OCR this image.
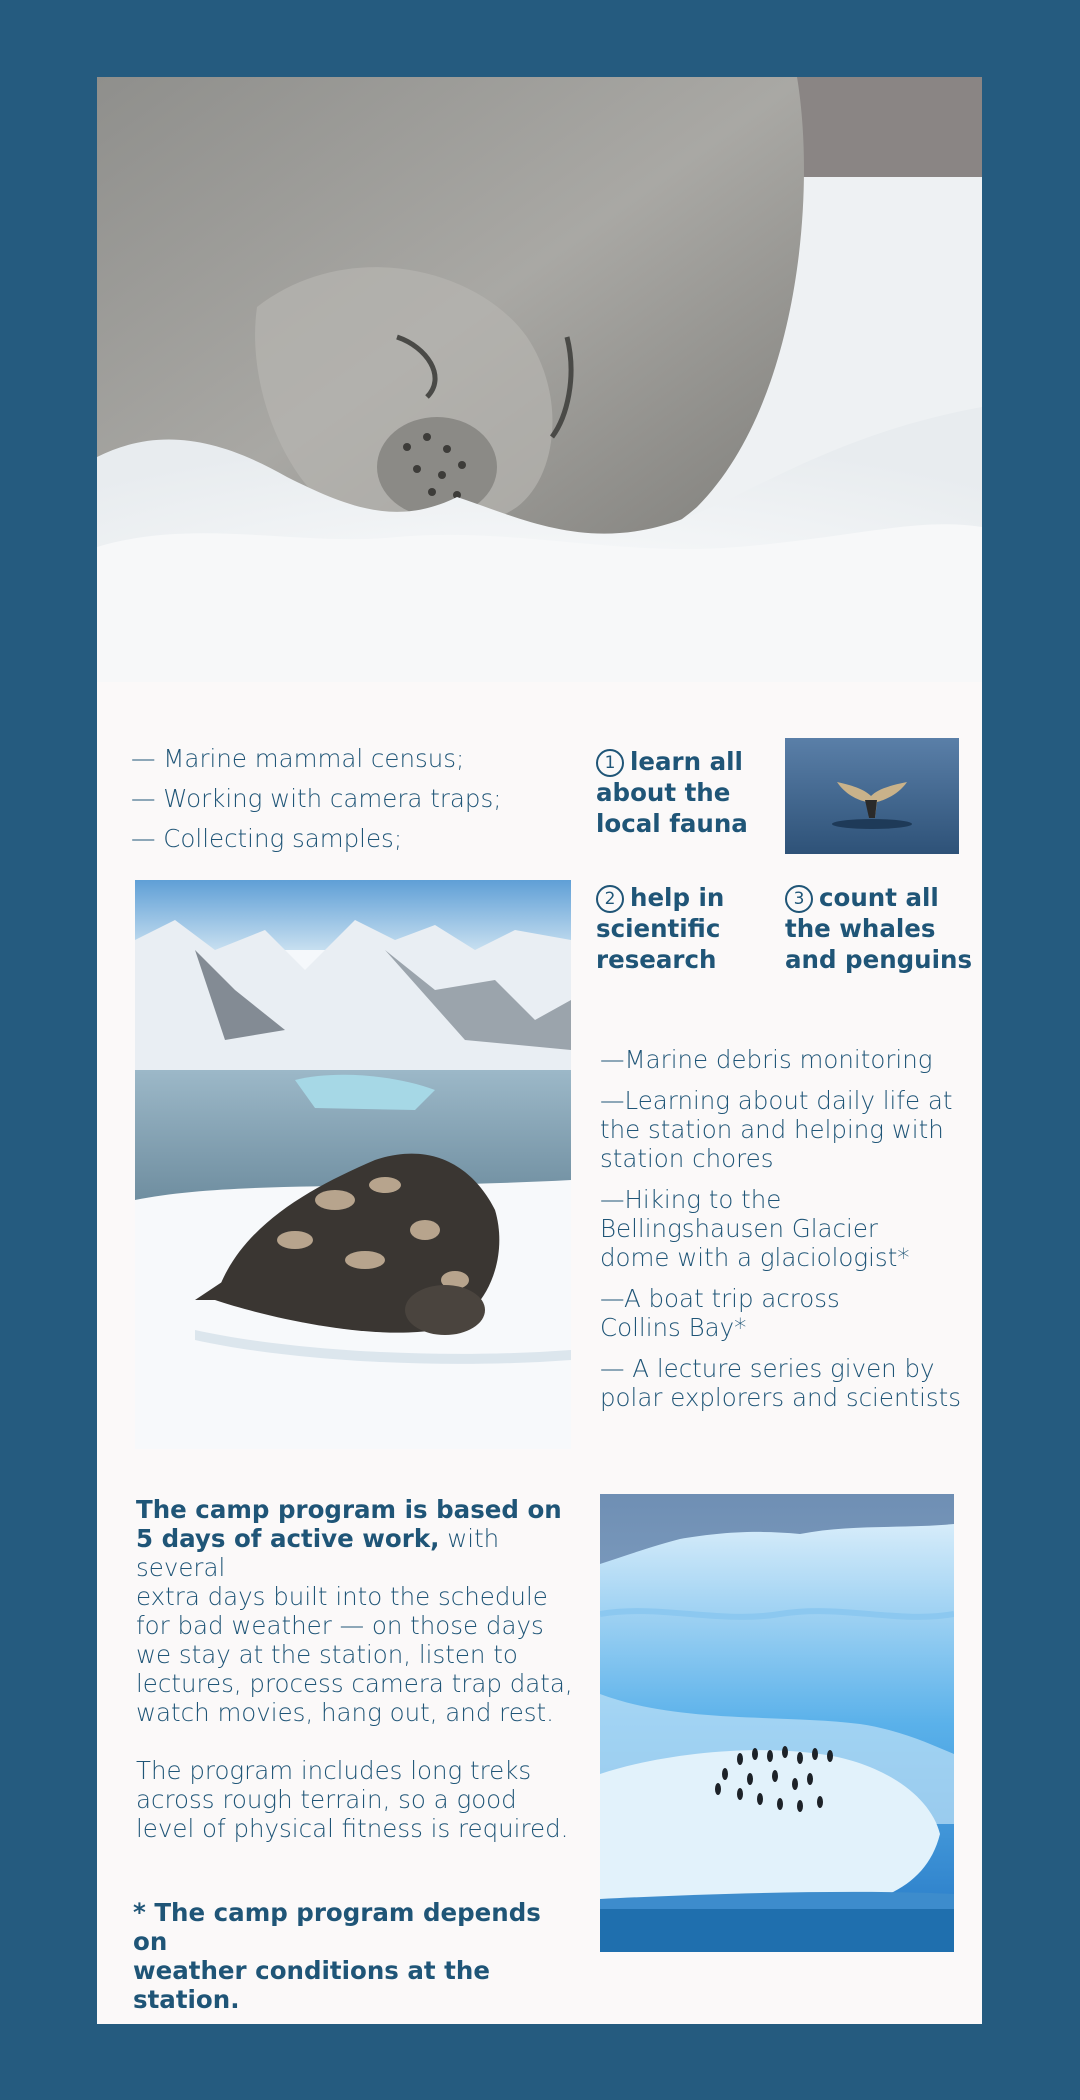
— Marine mammal census;
— Working with camera traps;
— Collecting samples;
1 learn all
about the
local fauna
2 help in
scientific
research
3 count all
the whales
and penguins
—Marine debris monitoring
—Learning about daily life at
the station and helping with
station chores
—Hiking to the
Bellingshausen Glacier
dome with a glaciologist*
—A boat trip across
Collins Bay*
— A lecture series given by
polar explorers and scientists

The camp program is based on

5 days of active work, with several

extra days built into the schedule

for bad weather — on those days

we stay at the station, listen to

lectures, process camera trap data,

watch movies, hang out, and rest.

The program includes long treks

across rough terrain, so a good

level of physical fitness is required.

* The camp program depends on
weather conditions at the station.
